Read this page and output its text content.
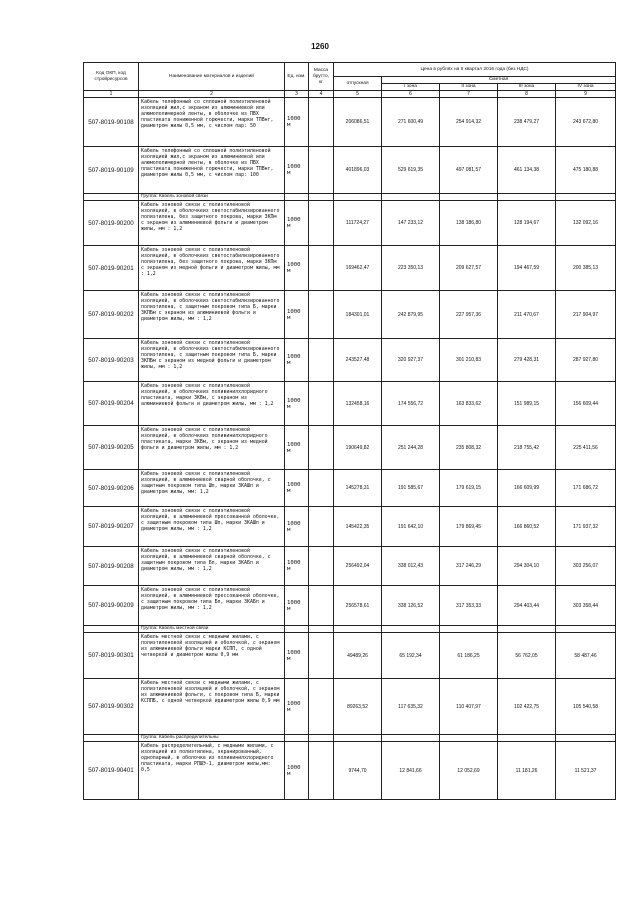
1260
Код ОКП, код стройресурсов	Наименование материалов и изделий	Ед. изм.	Масса брутто, кг	Цена в рублях на II квартал 2016 года (без НДС)				
				отпускная	Сметная			
					I зона	II зона	III зона	IV зона
1	2	3	4	5	6	7	8	9
507-8019-90108	Кабель телефонный со сплошной полиэтиленовой изоляцией жил,с экраном из алюминиевой или алюмополимерной ленты, в оболочке из ПВХ пластиката пониженной горючести, марки ТПВнг, диаметром жилы 0,5 мм, с числом пар: 50	1000 м		206086,51	271 600,49	254 914,32	238 479,27	243 672,80
507-8019-90109	Кабель телефонный со сплошной полиэтиленовой изоляцией жил,с экраном из алюминиевой или алюмополимерной ленты, в оболочке из ПВХ пластиката пониженной горючести, марки ТПВнг, диаметром жилы 0,5 мм, с числом пар: 100	1000 м		401896,03	529 619,35	497 081,57	461 134,38	475 180,88
	Группа: Кабель зоновой связи							
507-8019-90200	Кабель зоновой связи с полиэтиленовой изоляцией, в оболочкеиз светостабилизированного полиэтилена, без защитного покрова, марки ЗКПм с экраном из алюминиевой фольги и диаметром жилы, мм : 1,2	1000 м		111724,27	147 233,12	138 186,80	128 194,67	132 092,16
507-8019-90201	Кабель зоновой связи с полиэтиленовой изоляцией, в оболочкеиз светостабилизированного полиэтилена, без защитного покрова, марки ЗКПм с экраном из медной фольги и диаметром жилы, мм : 1,2	1000 м		169462,47	223 350,13	209 627,57	194 467,59	200 385,13
507-8019-90202	Кабель зоновой связи с полиэтиленовой изоляцией, в оболочкеиз светостабилизированного полиэтилена, с защитным покровом типа Б, марки ЗКПБм с экраном из алюминиевой фольги и диаметром жилы, мм : 1,2	1000 м		184301,01	242 879,95	227 957,36	211 470,67	217 904,97
507-8019-90203	Кабель зоновой связи с полиэтиленовой изоляцией, в оболочкеиз светостабилизированного полиэтилена, с защитным покровом типа Б, марки ЗКПБм с экраном из медной фольги и диаметром жилы, мм : 1,2	1000 м		243527,48	320 927,37	301 210,83	279 428,31	287 927,80
507-8019-90204	Кабель зоновой связи с полиэтиленовой изоляцией, в оболочкеиз поливинилхлоридного пластиката, марки ЗКВм, с экраном из алюминиевой фольги и диаметром жилы, мм : 1,2	1000 м		132458,16	174 556,72	163 833,62	151 989,15	156 609,44
507-8019-90205	Кабель зоновой связи с полиэтиленовой изоляцией, в оболочкеиз поливинилхлоридного пластиката, марки ЗКВм, с экраном из медной фольги и диаметром жилы, мм : 1,2	1000 м		190649,82	251 244,28	235 808,32	218 755,42	225 411,56
507-8019-90206	Кабель зоновой связи с полиэтиленовой изоляцией, в алюминиевой сварной оболочке, с защитным покровом типа Шп, марки ЗКАШп и диаметром жилы, мм: 1,2	1000 м		145278,31	191 585,67	179 619,15	166 609,99	171 686,72
507-8019-90207	Кабель зоновой связи с полиэтиленовой изоляцией, в алюминиевой прессованной оболочке, с защитным покровом типа Шп, марки ЗКАШп и диаметром жилы, мм : 1,2	1000 м		145422,35	191 642,10	179 869,45	166 860,52	171 937,32
507-8019-90208	Кабель зоновой связи с полиэтиленовой изоляцией, в алюминиевой сварной оболочке, с защитным покровом типа Бп, марки ЗКАБп и диаметром жилы, мм : 1,2	1000 м		256492,04	338 012,43	317 246,29	294 304,10	303 256,07
507-8019-90209	Кабель зоновой связи с полиэтиленовой изоляцией, в алюминиевой прессованной оболочке, с защитным покровом типа Бп, марки ЗКАБп и диаметром жилы, мм : 1,2	1000 м		256578,61	338 126,52	317 353,33	294 403,44	303 358,44
	Группа: Кабель местной связи							
507-8019-90301	Кабель местной связи с медными жилами, с полиэтиленовой изоляцией и оболочкой, с экраном из алюминиевой фольги марки КСПП, с одной четверкой и диаметром жилы 0,9 мм	1000 м		49489,26	65 192,34	61 186,25	56 762,05	58 487,46
507-8019-90302	Кабель местной связи с медными жилами, с полиэтиленовой изоляцией и оболочкой, с экраном из алюминиевой фольги, с покровом типа Б, марки КСППБ, с одной четверкой идиаметром жилы 0,9 мм	1000 м		89263,52	117 635,32	110 407,97	102 422,75	105 540,58
	Группа: Кабель распределительны							
507-8019-90401	Кабель распределительный, с медными жилами, с изоляцией из полиэтилена, экранированный, однопарный, в оболочке из поливинилхлоридного пластиката, марки РПШЭ-1, диаметром жилы,мм: 0,5	1000 м		9744,70	12 841,66	12 052,69	11 181,26	11 521,37
